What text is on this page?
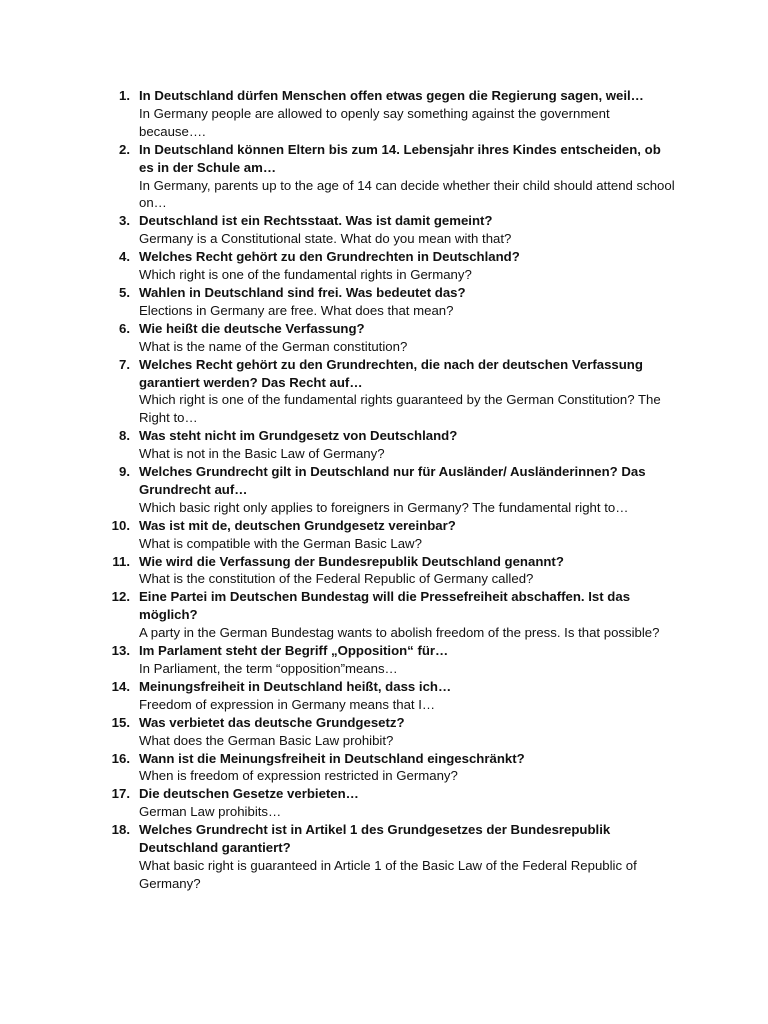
1. In Deutschland dürfen Menschen offen etwas gegen die Regierung sagen, weil…
In Germany people are allowed to openly say something against the government because….
2. In Deutschland können Eltern bis zum 14. Lebensjahr ihres Kindes entscheiden, ob es in der Schule am…
In Germany, parents up to the age of 14 can decide whether their child should attend school on…
3. Deutschland ist ein Rechtsstaat. Was ist damit gemeint?
Germany is a Constitutional state. What do you mean with that?
4. Welches Recht gehört zu den Grundrechten in Deutschland?
Which right is one of the fundamental rights in Germany?
5. Wahlen in Deutschland sind frei. Was bedeutet das?
Elections in Germany are free. What does that mean?
6. Wie heißt die deutsche Verfassung?
What is the name of the German constitution?
7. Welches Recht gehört zu den Grundrechten, die nach der deutschen Verfassung garantiert werden? Das Recht auf…
Which right is one of the fundamental rights guaranteed by the German Constitution? The Right to…
8. Was steht nicht im Grundgesetz von Deutschland?
What is not in the Basic Law of Germany?
9. Welches Grundrecht gilt in Deutschland nur für Ausländer/ Ausländerinnen? Das Grundrecht auf…
Which basic right only applies to foreigners in Germany? The fundamental right to…
10. Was ist mit de, deutschen Grundgesetz vereinbar?
What is compatible with the German Basic Law?
11. Wie wird die Verfassung der Bundesrepublik Deutschland genannt?
What is the constitution of the Federal Republic of Germany called?
12. Eine Partei im Deutschen Bundestag will die Pressefreiheit abschaffen. Ist das möglich?
A party in the German Bundestag wants to abolish freedom of the press. Is that possible?
13. Im Parlament steht der Begriff „Opposition“ für…
In Parliament, the term “opposition”means…
14. Meinungsfreiheit in Deutschland heißt, dass ich…
Freedom of expression in Germany means that I…
15. Was verbietet das deutsche Grundgesetz?
What does the German Basic Law prohibit?
16. Wann ist die Meinungsfreiheit in Deutschland eingeschränkt?
When is freedom of expression restricted in Germany?
17. Die deutschen Gesetze verbieten…
German Law prohibits…
18. Welches Grundrecht ist in Artikel 1 des Grundgesetzes der Bundesrepublik Deutschland garantiert?
What basic right is guaranteed in Article 1 of the Basic Law of the Federal Republic of Germany?
